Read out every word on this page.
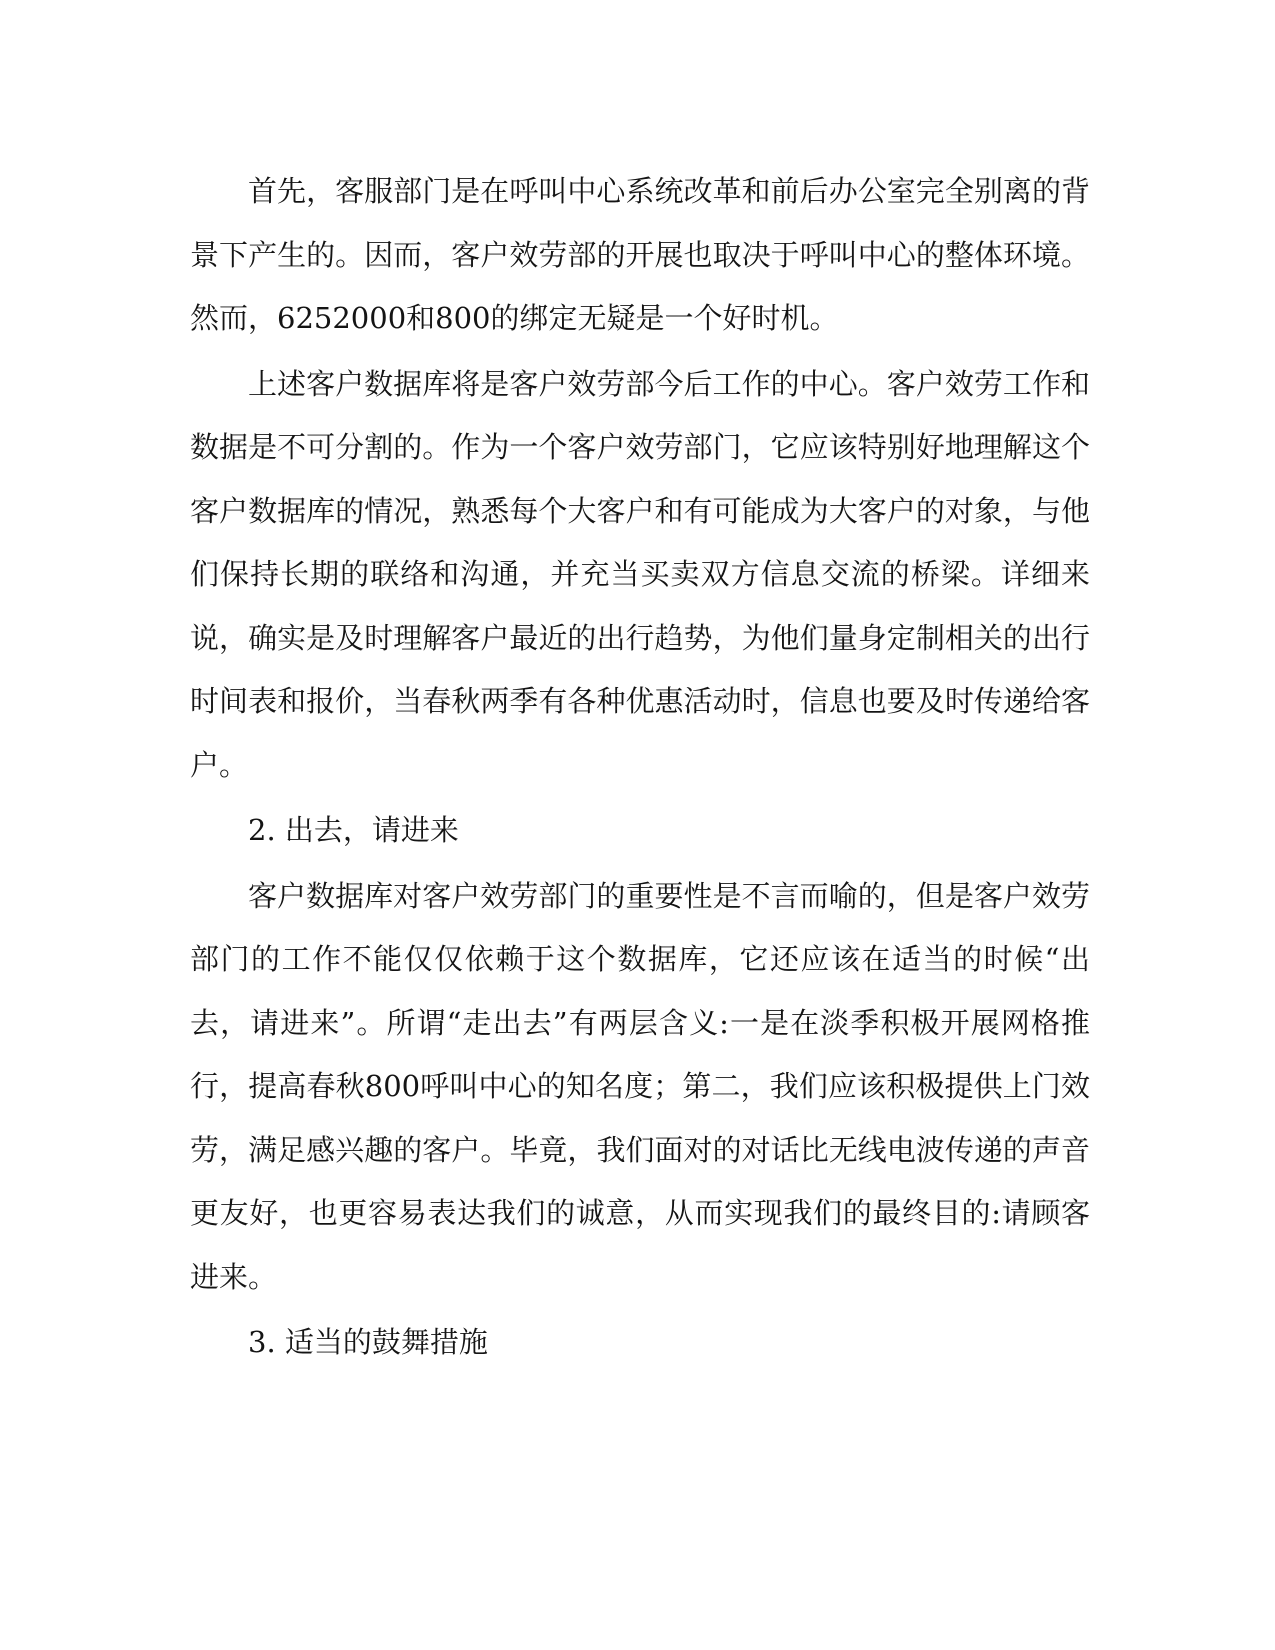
首先，客服部门是在呼叫中心系统改革和前后办公室完全别离的背景下产生的。因而，客户效劳部的开展也取决于呼叫中心的整体环境。然而，6252000和800的绑定无疑是一个好时机。

上述客户数据库将是客户效劳部今后工作的中心。客户效劳工作和数据是不可分割的。作为一个客户效劳部门，它应该特别好地理解这个客户数据库的情况，熟悉每个大客户和有可能成为大客户的对象，与他们保持长期的联络和沟通，并充当买卖双方信息交流的桥梁。详细来说，确实是及时理解客户最近的出行趋势，为他们量身定制相关的出行时间表和报价，当春秋两季有各种优惠活动时，信息也要及时传递给客户。

2. 出去，请进来

客户数据库对客户效劳部门的重要性是不言而喻的，但是客户效劳部门的工作不能仅仅依赖于这个数据库，它还应该在适当的时候“出去，请进来”。所谓“走出去”有两层含义:一是在淡季积极开展网格推行，提高春秋800呼叫中心的知名度；第二，我们应该积极提供上门效劳，满足感兴趣的客户。毕竟，我们面对的对话比无线电波传递的声音更友好，也更容易表达我们的诚意，从而实现我们的最终目的:请顾客进来。

3. 适当的鼓舞措施
